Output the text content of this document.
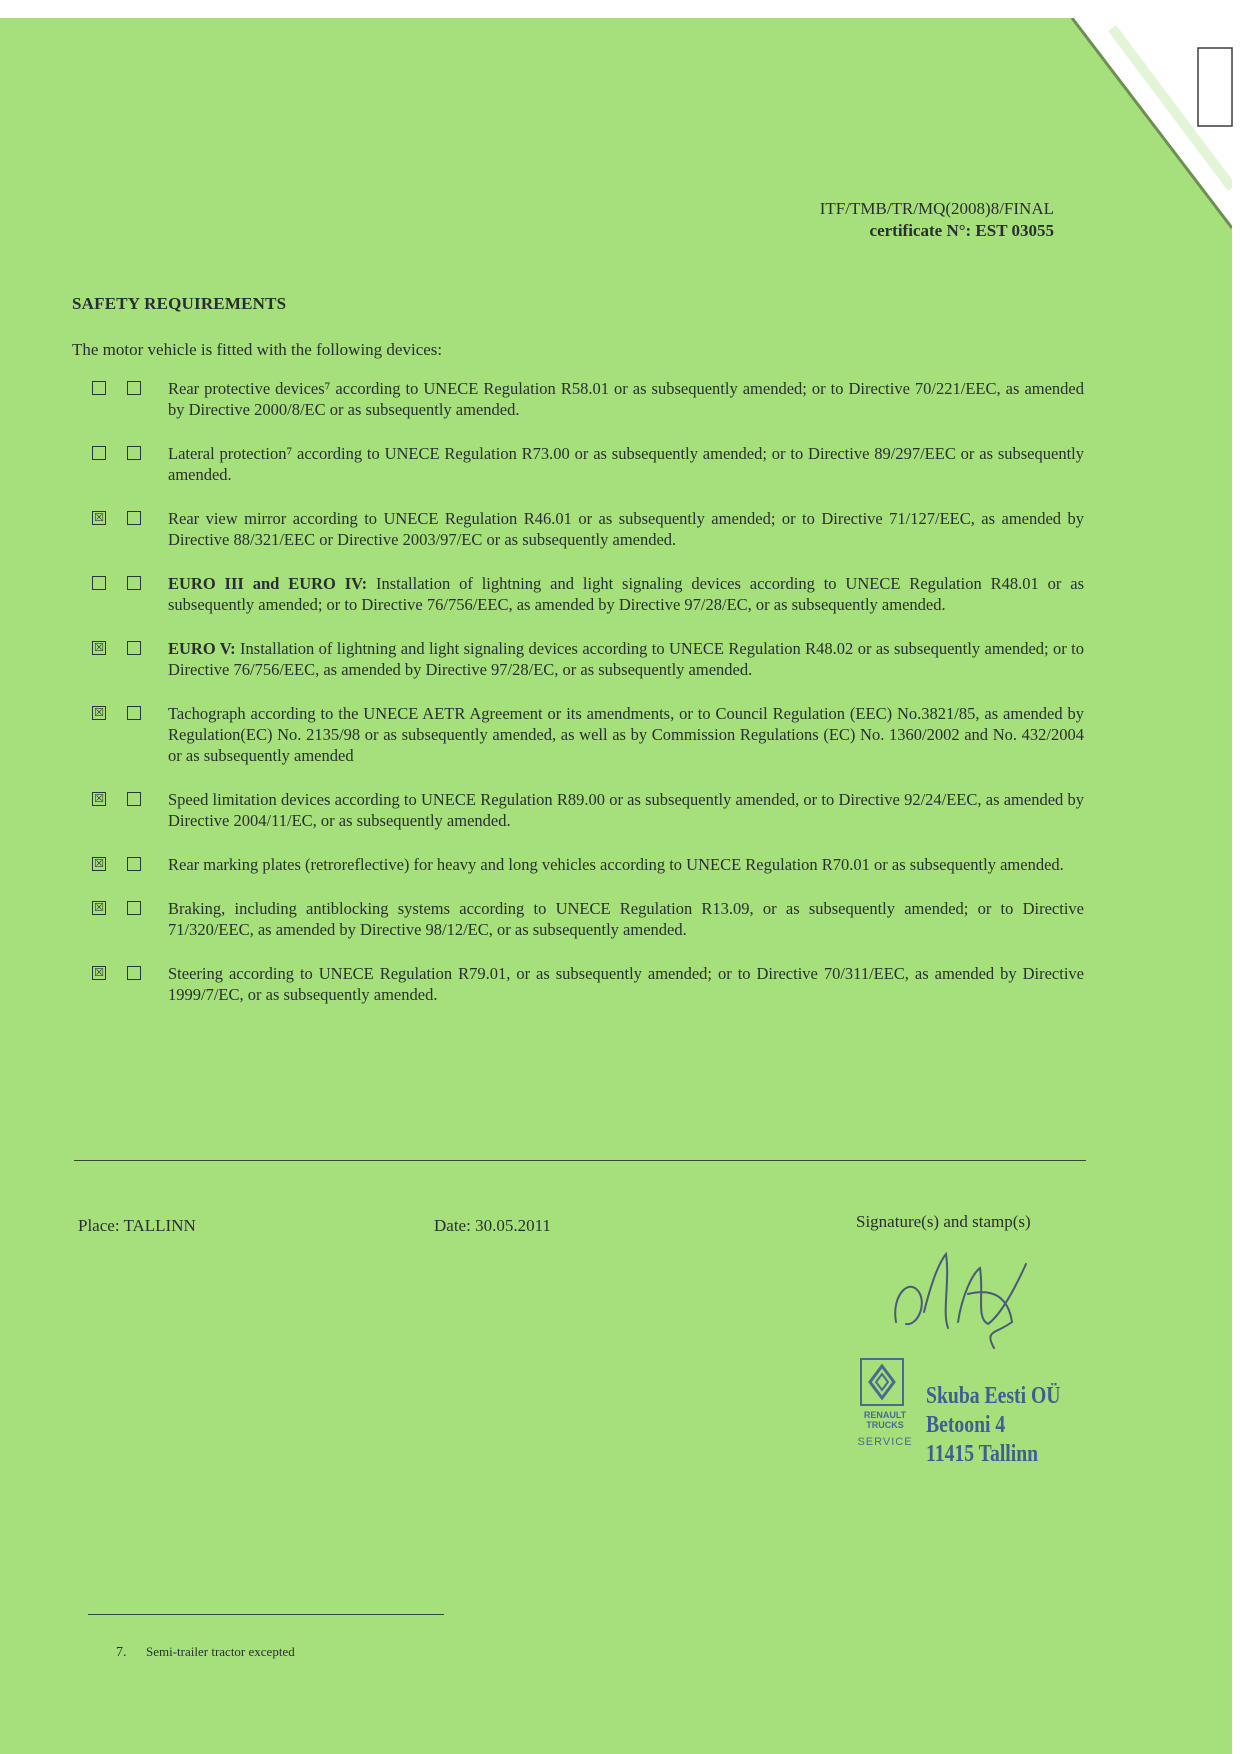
ITF/TMB/TR/MQ(2008)8/FINAL
certificate N°: EST 03055
SAFETY REQUIREMENTS
The motor vehicle is fitted with the following devices:
Rear protective devices⁷ according to UNECE Regulation R58.01 or as subsequently amended; or to Directive 70/221/EEC, as amended by Directive 2000/8/EC or as subsequently amended.
Lateral protection⁷ according to UNECE Regulation R73.00 or as subsequently amended; or to Directive 89/297/EEC or as subsequently amended.
☒	Rear view mirror according to UNECE Regulation R46.01 or as subsequently amended; or to Directive 71/127/EEC, as amended by Directive 88/321/EEC or Directive 2003/97/EC or as subsequently amended.
EURO III and EURO IV: Installation of lightning and light signaling devices according to UNECE Regulation R48.01 or as subsequently amended; or to Directive 76/756/EEC, as amended by Directive 97/28/EC, or as subsequently amended.
☒	EURO V: Installation of lightning and light signaling devices according to UNECE Regulation R48.02 or as subsequently amended; or to Directive 76/756/EEC, as amended by Directive 97/28/EC, or as subsequently amended.
☒	Tachograph according to the UNECE AETR Agreement or its amendments, or to Council Regulation (EEC) No.3821/85, as amended by Regulation(EC) No. 2135/98 or as subsequently amended, as well as by Commission Regulations (EC) No. 1360/2002 and No. 432/2004 or as subsequently amended
☒	Speed limitation devices according to UNECE Regulation R89.00 or as subsequently amended, or to Directive 92/24/EEC, as amended by Directive 2004/11/EC, or as subsequently amended.
☒	Rear marking plates (retroreflective) for heavy and long vehicles according to UNECE Regulation R70.01 or as subsequently amended.
☒	Braking, including antiblocking systems according to UNECE Regulation R13.09, or as subsequently amended; or to Directive 71/320/EEC, as amended by Directive 98/12/EC, or as subsequently amended.
☒	Steering according to UNECE Regulation R79.01, or as subsequently amended; or to Directive 70/311/EEC, as amended by Directive 1999/7/EC, or as subsequently amended.
Place: TALLINN	Date: 30.05.2011	Signature(s) and stamp(s)
RENAULT
TRUCKS
SERVICE
Skuba Eesti OÜ
Betooni 4
11415 Tallinn
7. Semi-trailer tractor excepted
